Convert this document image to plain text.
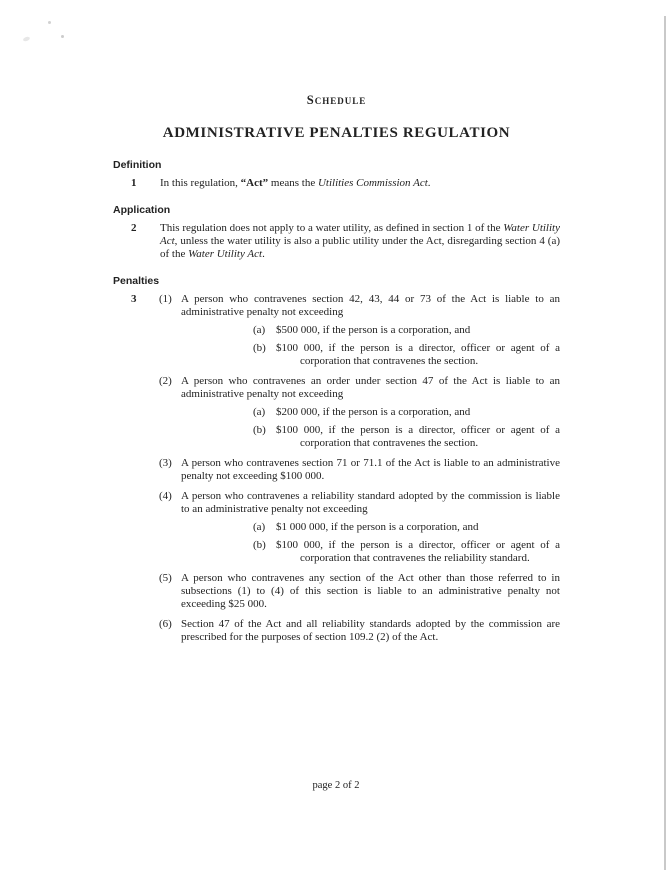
Schedule
ADMINISTRATIVE PENALTIES REGULATION
Definition
1 In this regulation, “Act” means the Utilities Commission Act.

Application
2 This regulation does not apply to a water utility, as defined in section 1 of the Water Utility Act, unless the water utility is also a public utility under the Act, disregarding section 4 (a) of the Water Utility Act.

Penalties
3 (1) A person who contravenes section 42, 43, 44 or 73 of the Act is liable to an administrative penalty not exceeding

(a) $500 000, if the person is a corporation, and

(b) $100 000, if the person is a director, officer or agent of a corporation that contravenes the section.

(2) A person who contravenes an order under section 47 of the Act is liable to an administrative penalty not exceeding

(a) $200 000, if the person is a corporation, and

(b) $100 000, if the person is a director, officer or agent of a corporation that contravenes the section.

(3) A person who contravenes section 71 or 71.1 of the Act is liable to an administrative penalty not exceeding $100 000.

(4) A person who contravenes a reliability standard adopted by the commission is liable to an administrative penalty not exceeding

(a) $1 000 000, if the person is a corporation, and

(b) $100 000, if the person is a director, officer or agent of a corporation that contravenes the reliability standard.

(5) A person who contravenes any section of the Act other than those referred to in subsections (1) to (4) of this section is liable to an administrative penalty not exceeding $25 000.

(6) Section 47 of the Act and all reliability standards adopted by the commission are prescribed for the purposes of section 109.2 (2) of the Act.

page 2 of 2
